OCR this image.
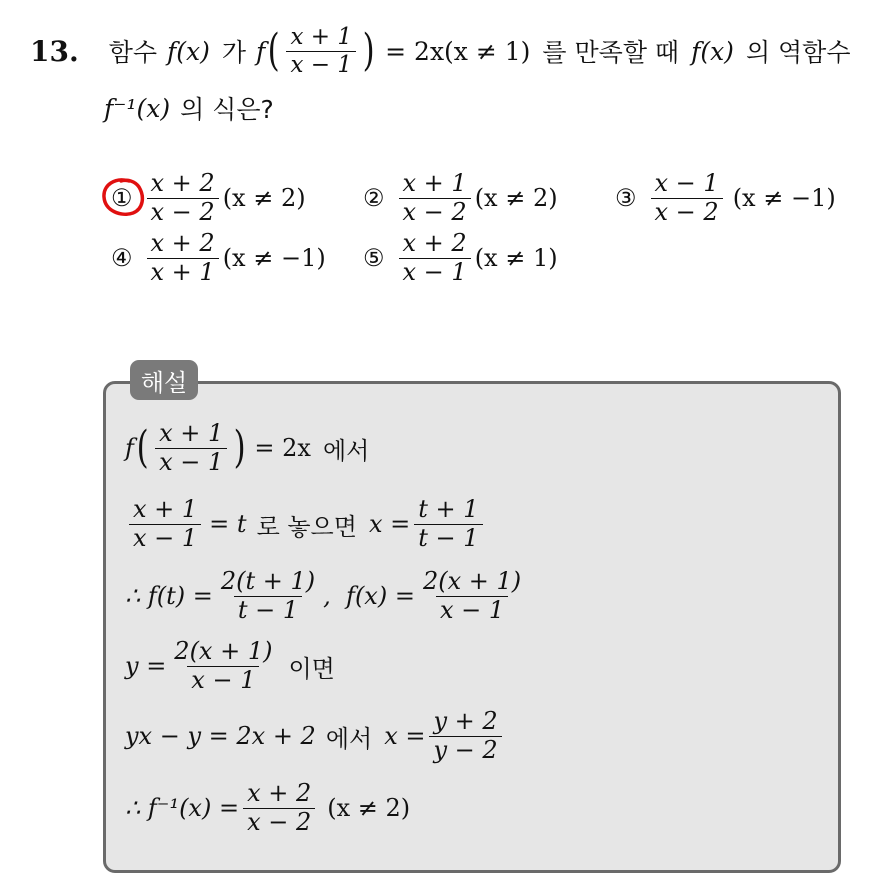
13. 함수 f(x) 가 f ( $\frac{x + 1}{x - 1}$ ) = 2x(x ≠ 1) 를 만족할 때 f(x) 의 역함수
f⁻¹(x) 의 식은?
① $\frac{x + 2}{x - 2} (x \ne 2)$ ② $\frac{x + 1}{x - 2} (x \ne 2)$ ③ $\frac{x - 1}{x - 2} (x \ne -1)$
④ $\frac{x + 2}{x + 1} (x \ne -1)$ ⑤ $\frac{x + 2}{x - 1} (x \ne 1)$
해설
f ( $\frac{x + 1}{x - 1}$ ) = 2x 에서
$\frac{x + 1}{x - 1} = t$ 로 놓으면 $x = \frac{t + 1}{t - 1}$
∴ $f(t) = \frac{2(t + 1)}{t - 1}$ ,  $f(x) = \frac{2(x + 1)}{x - 1}$
$y = \frac{2(x + 1)}{x - 1}$ 이면
yx − y = 2x + 2 에서 $x = \frac{y + 2}{y - 2}$
∴ $f^{-1}(x) = \frac{x + 2}{x - 2} (x \ne 2)$
